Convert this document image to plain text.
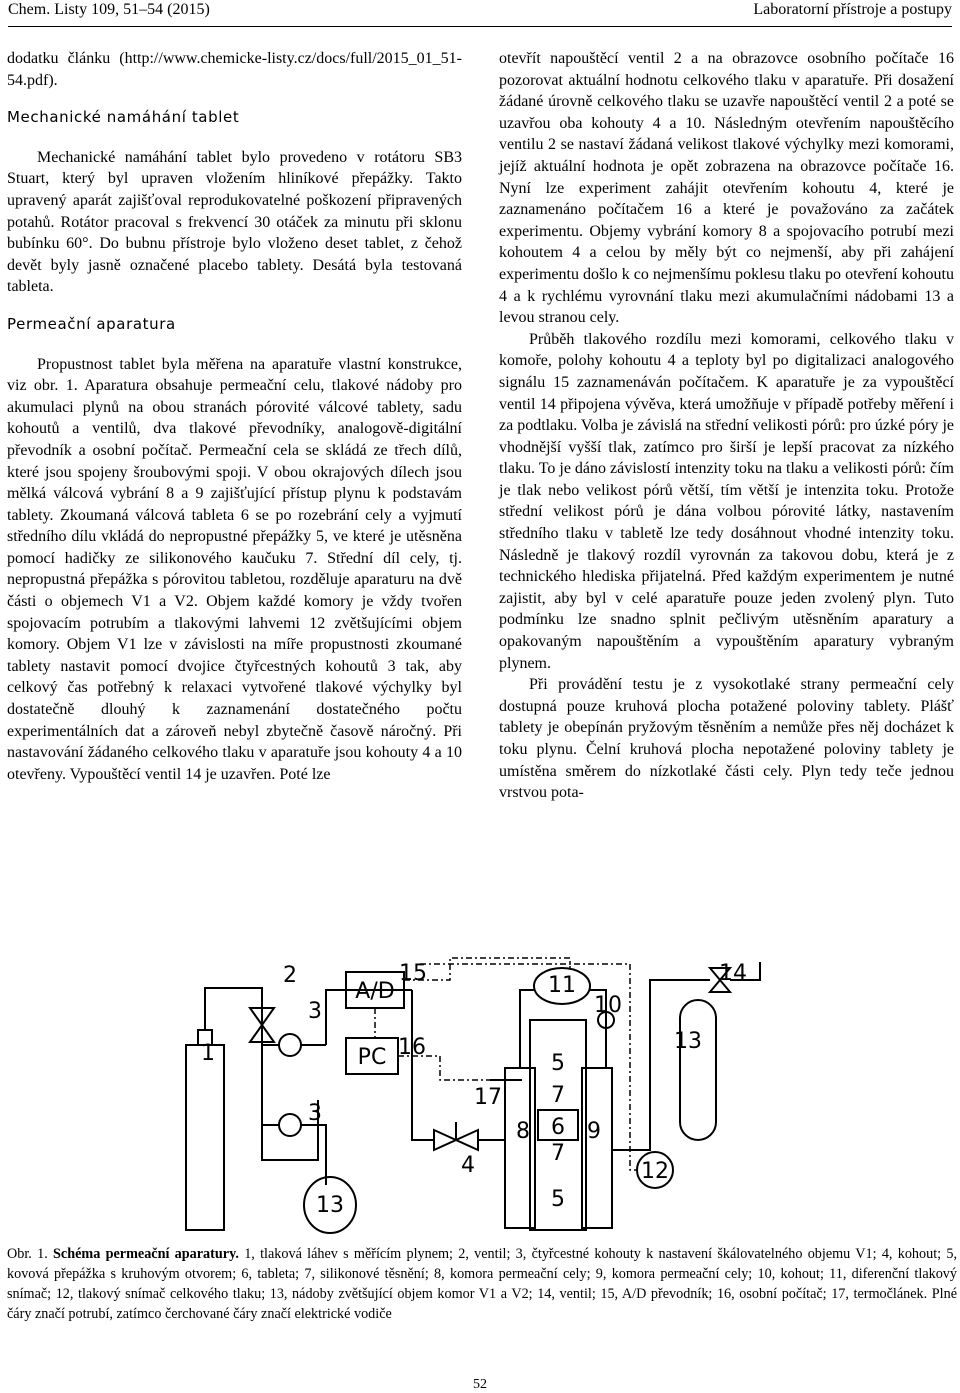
Chem. Listy 109, 51–54 (2015)	Laboratorní přístroje a postupy

dodatku článku (http://www.chemicke-listy.cz/docs/full/2015_01_51-54.pdf).

Mechanické namáhání tablet

Mechanické namáhání tablet bylo provedeno v rotátoru SB3 Stuart, který byl upraven vložením hliníkové přepážky. Takto upravený aparát zajišťoval reprodukovatelné poškození připravených potahů. Rotátor pracoval s frekvencí 30 otáček za minutu při sklonu bubínku 60°. Do bubnu přístroje bylo vloženo deset tablet, z čehož devět byly jasně označené placebo tablety. Desátá byla testovaná tableta.

Permeační aparatura

Propustnost tablet byla měřena na aparatuře vlastní konstrukce, viz obr. 1. Aparatura obsahuje permeační celu, tlakové nádoby pro akumulaci plynů na obou stranách pórovité válcové tablety, sadu kohoutů a ventilů, dva tlakové převodníky, analogově-digitální převodník a osobní počítač. Permeační cela se skládá ze třech dílů, které jsou spojeny šroubovými spoji. V obou okrajových dílech jsou mělká válcová vybrání 8 a 9 zajišťující přístup plynu k podstavám tablety. Zkoumaná válcová tableta 6 se po rozebrání cely a vyjmutí středního dílu vkládá do nepropustné přepážky 5, ve které je utěsněna pomocí hadičky ze silikonového kaučuku 7. Střední díl cely, tj. nepropustná přepážka s pórovitou tabletou, rozděluje aparaturu na dvě části o objemech V1 a V2. Objem každé komory je vždy tvořen spojovacím potrubím a tlakovými lahvemi 12 zvětšujícími objem komory. Objem V1 lze v závislosti na míře propustnosti zkoumané tablety nastavit pomocí dvojice čtyřcestných kohoutů 3 tak, aby celkový čas potřebný k relaxaci vytvořené tlakové výchylky byl dostatečně dlouhý k zaznamenání dostatečného počtu experimentálních dat a zároveň nebyl zbytečně časově náročný. Při nastavování žádaného celkového tlaku v aparatuře jsou kohouty 4 a 10 otevřeny. Vypouštěcí ventil 14 je uzavřen. Poté lze

otevřít napouštěcí ventil 2 a na obrazovce osobního počítače 16 pozorovat aktuální hodnotu celkového tlaku v aparatuře. Při dosažení žádané úrovně celkového tlaku se uzavře napouštěcí ventil 2 a poté se uzavřou oba kohouty 4 a 10. Následným otevřením napouštěcího ventilu 2 se nastaví žádaná velikost tlakové výchylky mezi komorami, jejíž aktuální hodnota je opět zobrazena na obrazovce počítače 16. Nyní lze experiment zahájit otevřením kohoutu 4, které je zaznamenáno počítačem 16 a které je považováno za začátek experimentu. Objemy vybrání komory 8 a spojovacího potrubí mezi kohoutem 4 a celou by měly být co nejmenší, aby při zahájení experimentu došlo k co nejmenšímu poklesu tlaku po otevření kohoutu 4 a k rychlému vyrovnání tlaku mezi akumulačními nádobami 13 a levou stranou cely.

Průběh tlakového rozdílu mezi komorami, celkového tlaku v komoře, polohy kohoutu 4 a teploty byl po digitalizaci analogového signálu 15 zaznamenáván počítačem. K aparatuře je za vypouštěcí ventil 14 připojena vývěva, která umožňuje v případě potřeby měření i za podtlaku. Volba je závislá na střední velikosti pórů: pro úzké póry je vhodnější vyšší tlak, zatímco pro širší je lepší pracovat za nízkého tlaku. To je dáno závislostí intenzity toku na tlaku a velikosti pórů: čím je tlak nebo velikost pórů větší, tím větší je intenzita toku. Protože střední velikost pórů je dána volbou pórovité látky, nastavením středního tlaku v tabletě lze tedy dosáhnout vhodné intenzity toku. Následně je tlakový rozdíl vyrovnán za takovou dobu, která je z technického hlediska přijatelná. Před každým experimentem je nutné zajistit, aby byl v celé aparatuře pouze jeden zvolený plyn. Tuto podmínku lze snadno splnit pečlivým utěsněním aparatury a opakovaným napouštěním a vypouštěním aparatury vybraným plynem.

Při provádění testu je z vysokotlaké strany permeační cely dostupná pouze kruhová plocha potažené poloviny tablety. Plášť tablety je obepínán pryžovým těsněním a nemůže přes něj docházet k toku plynu. Čelní kruhová plocha nepotažené poloviny tablety je umístěna směrem do nízkotlaké části cely. Plyn tedy teče jednou vrstvou pota-

1
2
3
3
4
5
5
6
7
7
8	9
10
11
12
13
13
14
15
16
17
A/D
PC

Obr. 1. Schéma permeační aparatury. 1, tlaková láhev s měřícím plynem; 2, ventil; 3, čtyřcestné kohouty k nastavení škálovatelného objemu V1; 4, kohout; 5, kovová přepážka s kruhovým otvorem; 6, tableta; 7, silikonové těsnění; 8, komora permeační cely; 9, komora permeační cely; 10, kohout; 11, diferenční tlakový snímač; 12, tlakový snímač celkového tlaku; 13, nádoby zvětšující objem komor V1 a V2; 14, ventil; 15, A/D převodník; 16, osobní počítač; 17, termočlánek. Plné čáry značí potrubí, zatímco čerchované čáry značí elektrické vodiče

52
